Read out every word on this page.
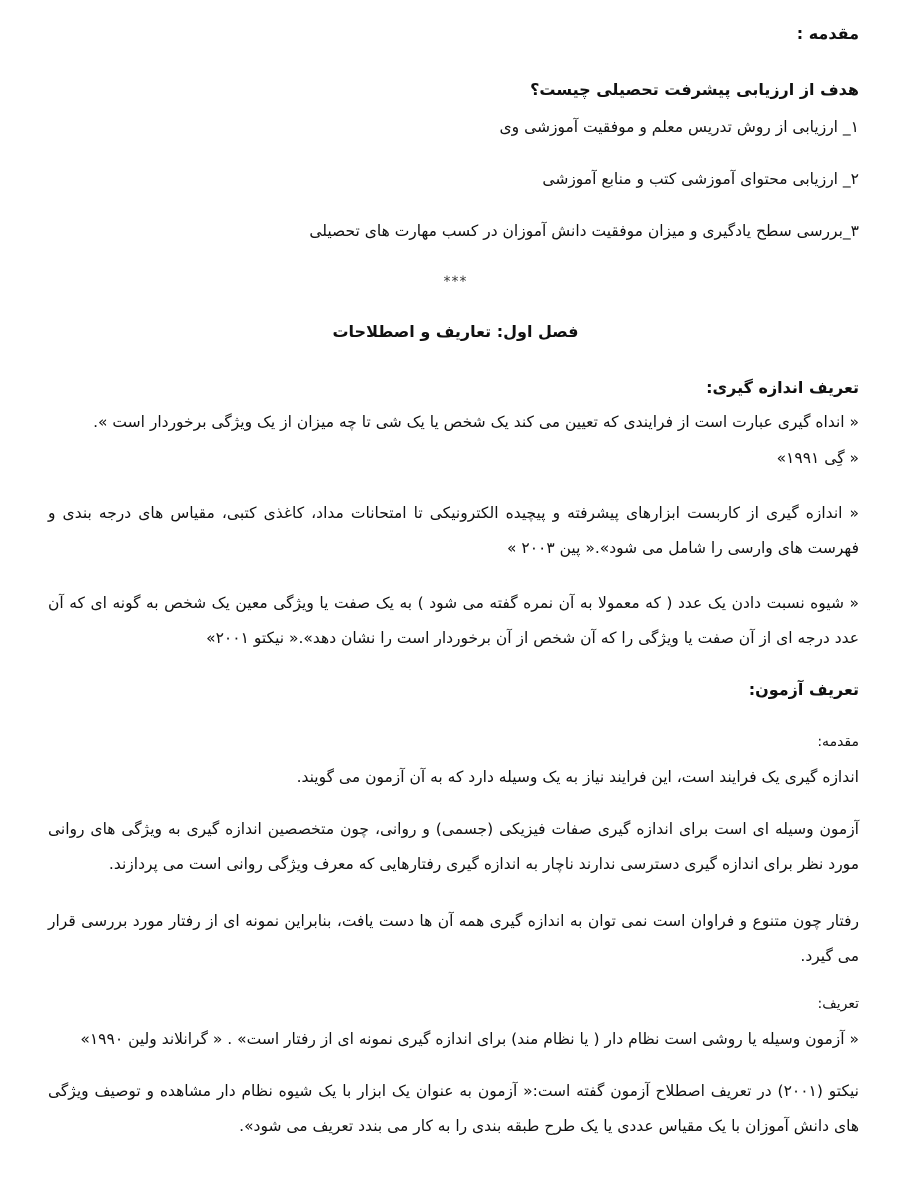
مقدمه :
هدف از ارزیابی پیشرفت تحصیلی چیست؟
۱_ ارزیابی از روش تدریس معلم و موفقیت آموزشی وی
۲_ ارزیابی محتوای آموزشی کتب و منابع آموزشی
۳_بررسی سطح یادگیری و میزان موفقیت دانش آموزان در کسب مهارت های تحصیلی
***
فصل اول: تعاریف و اصطلاحات
تعریف اندازه گیری:
« انداه گیری عبارت است از فرایندی که تعیین می کند یک شخص یا یک شی تا چه میزان از یک ویژگی برخوردار است ».
« گِی ۱۹۹۱»
« اندازه گیری از کاربست ابزارهای پیشرفته و پیچیده الکترونیکی تا امتحانات مداد، کاغذی کتبی، مقیاس های درجه بندی و فهرست های وارسی را شامل می شود».« پین ۲۰۰۳ »
« شیوه نسبت دادن یک عدد ( که معمولا به آن نمره گفته می شود ) به یک صفت یا ویژگی معین یک شخص به گونه ای که آن عدد درجه ای از آن صفت یا ویژگی را که آن شخص از آن برخوردار است را نشان دهد».« نیکتو ۲۰۰۱»
تعریف آزمون:
مقدمه:
اندازه گیری یک فرایند است، این فرایند نیاز به یک وسیله دارد که به آن آزمون می گویند.
آزمون وسیله ای است برای اندازه گیری صفات فیزیکی (جسمی) و روانی، چون متخصصین اندازه گیری به ویژگی های روانی مورد نظر برای اندازه گیری دسترسی ندارند ناچار به اندازه گیری رفتارهایی که معرف ویژگی روانی است می پردازند.
رفتار چون متنوع و فراوان است نمی توان به اندازه گیری همه آن ها دست یافت، بنابراین نمونه ای از رفتار مورد بررسی قرار می گیرد.
تعریف:
« آزمون وسیله یا روشی است نظام دار ( یا نظام مند) برای اندازه گیری نمونه ای از رفتار است» . « گرانلاند ولین ۱۹۹۰»
نیکتو (۲۰۰۱) در تعریف اصطلاح آزمون گفته است:« آزمون به عنوان یک ابزار با یک شیوه نظام دار مشاهده و توصیف ویژگی های دانش آموزان با یک مقیاس عددی یا یک طرح طبقه بندی را به کار می بندد تعریف می شود».
